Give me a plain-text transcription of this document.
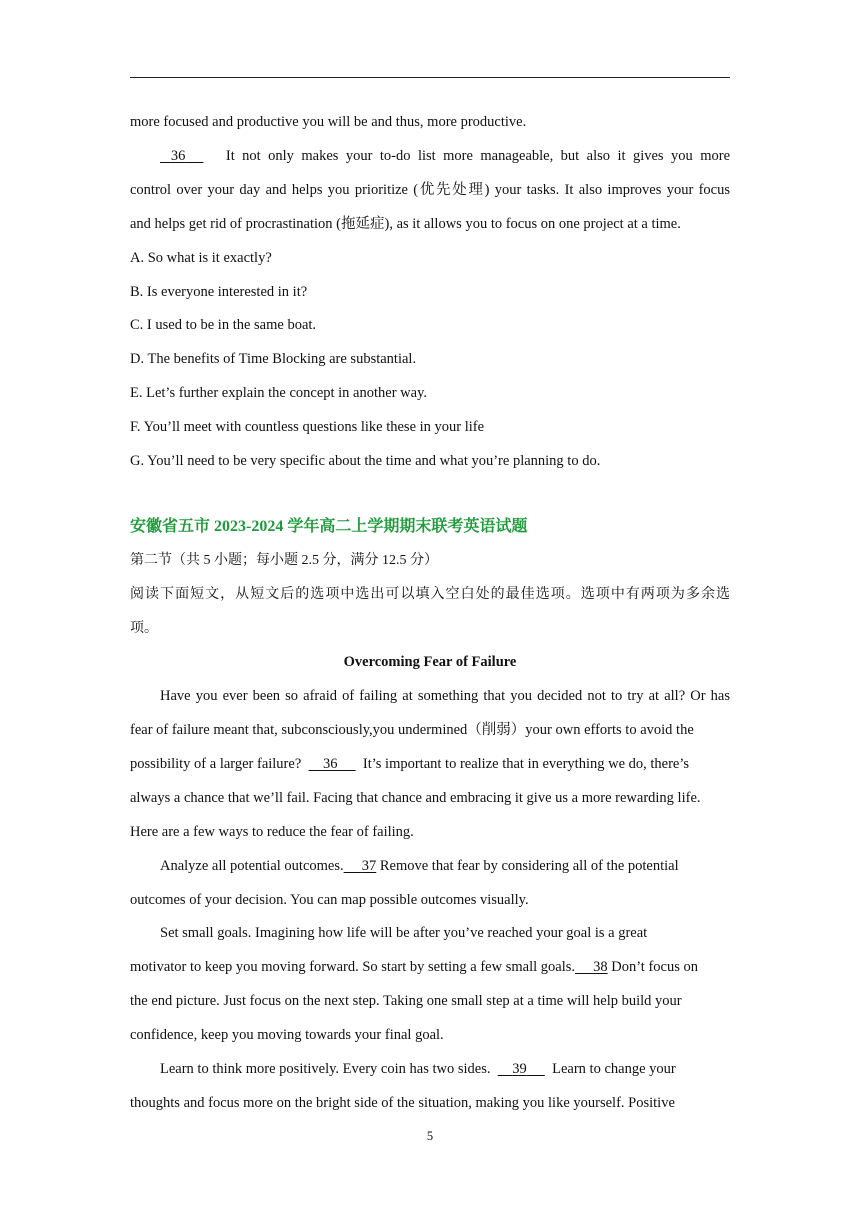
more focused and productive you will be and thus, more productive.
36	It not only makes your to-do list more manageable, but also it gives you more
control over your day and helps you prioritize (优先处理) your tasks. It also improves your focus
and helps get rid of procrastination (拖延症), as it allows you to focus on one project at a time.
A. So what is it exactly?
B. Is everyone interested in it?
C. I used to be in the same boat.
D. The benefits of Time Blocking are substantial.
E. Let’s further explain the concept in another way.
F. You’ll meet with countless questions like these in your life
G. You’ll need to be very specific about the time and what you’re planning to do.
安徽省五市 2023-2024 学年高二上学期期末联考英语试题
第二节（共 5 小题；每小题 2.5 分，满分 12.5 分）
阅读下面短文，从短文后的选项中选出可以填入空白处的最佳选项。选项中有两项为多余选
项。
Overcoming Fear of Failure
Have you ever been so afraid of failing at something that you decided not to try at all? Or has
fear of failure meant that, subconsciously,you undermined（削弱）your own efforts to avoid the
possibility of a larger failure? 36 It’s important to realize that in everything we do, there’s
always a chance that we’ll fail. Facing that chance and embracing it give us a more rewarding life.
Here are a few ways to reduce the fear of failing.
Analyze all potential outcomes. 37 Remove that fear by considering all of the potential
outcomes of your decision. You can map possible outcomes visually.
Set small goals. Imagining how life will be after you’ve reached your goal is a great
motivator to keep you moving forward. So start by setting a few small goals. 38 Don’t focus on
the end picture. Just focus on the next step. Taking one small step at a time will help build your
confidence, keep you moving towards your final goal.
Learn to think more positively. Every coin has two sides. 39 Learn to change your
thoughts and focus more on the bright side of the situation, making you like yourself. Positive
5
